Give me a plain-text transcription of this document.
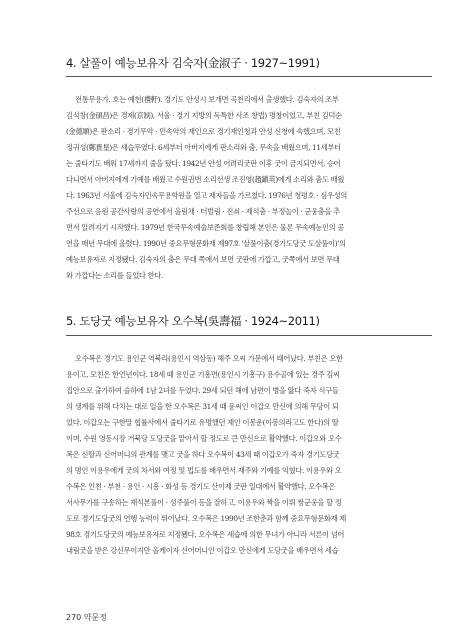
4. 살풀이 예능보유자 김숙자(金淑子 · 1927~1991)

전통무용가. 호는 예헌(禮軒). 경기도 안성시 보개면 곡천리에서 출생했다. 김숙자의 조부

김석창(金碩昌)은 경제(京制), 서울 · 경기 지방의 독특한 사조 창법) 명창이었고, 부친 김덕순

(金德順)은 판소리 · 경기무악 · 민속악의 재인으로 경기재인청과 안성 신청에 속했으며, 모친

정귀성(鄭貴星)은 세습무였다. 6세부터 아버지에게 판소리와 춤, 무속을 배웠으며, 11세부터

는 줄타기도 배워 17세까지 줄을 탔다. 1942년 안성 어려리굿판 이후 굿이 금지되면서, 승어

다니면서 아버지에게 기예를 배웠고 수원권번 소리선생 조진영(趙鎭英)에게 소리와 춤도 배웠

다. 1963년 서울에 김숙자민속무용학원을 열고 제자들을 가르쳤다. 1976년 청평호 · 심우성의

주선으로 음원 공간사랑의 공연에서 올림채 · 터벌림 · 진쇠 · 제석춤 · 부정놀이 · 군웅춤을 추

면서 알려지기 시작했다. 1979년 한국무속예술보존회를 창립해 본인은 물론 무속예능인의 공

연을 매년 무대에 올렸다. 1990년 중요무형문화재 제97호 '살풀이춤(경기도당굿 도살풀이)'의

예능보유자로 지정됐다. 김숙자의 춤은 무대 쪽에서 보면 굿판에 가깝고, 굿쪽에서 보면 무대

와 가깝다는 소리를 들었다 한다.

5. 도당굿 예능보유자 오수복(吳壽福 · 1924~2011)

오수복은 경기도 용인군 역북리(용인시 역삼동) 해주 오씨 가문에서 태어났다. 부친은 오한

용이고, 모친은 한언년이다. 18세 때 용인군 기흥면(용인시 기흥구) 용수골에 있는 경주 김씨

집안으로 출가하여 슬하에 1남 2녀를 두었다. 29세 되던 해에 남편이 병을 앓다 죽자 식구들

의 생계를 위해 다치는 대로 일을 한 오수복은 31세 때 윤씨인 이갑오 만신에 의해 무당이 되

었다. 이갑오는 구한말 협률사에서 줄타기로 유명했던 재인 이봉운(이봉의라고도 한다)의 딸

이며, 수원 영동시장 거북당 도당굿을 맡아서 할 정도로 큰 만신으로 활약했다. 이갑오와 오수

복은 신딸과 신어머니의 관계를 맺고 굿을 하다 오수복이 43세 때 이갑오가 죽자 경기도당굿

의 명인 이용우에게 굿의 차서와 여정 및 법도를 배우면서 재주와 기예를 익혔다. 이용우와 오

수복은 인천 · 부천 · 용인 · 시흥 · 화성 등 경기도 산이제 굿판 일대에서 활약했다. 오수복은

서사무가를 구송하는 재석본풀이 · 성주풀이 등을 잘하고, 이용우와 짝을 이뤄 쌍군웅을 할 정

도로 경기도당굿의 연행 능력이 뛰어났다. 오수복은 1990년 조한춘과 함께 중요무형문화재 제

98호 경기도당굿의 예능보유자로 지정됐다. 오수복은 세습에 의한 무녀가 아니라 서른이 넘어

내림굿을 받은 강신무이지만 올케이자 신어머니인 이갑오 만신에게 도당굿을 배우면서 세습

270 약문정
